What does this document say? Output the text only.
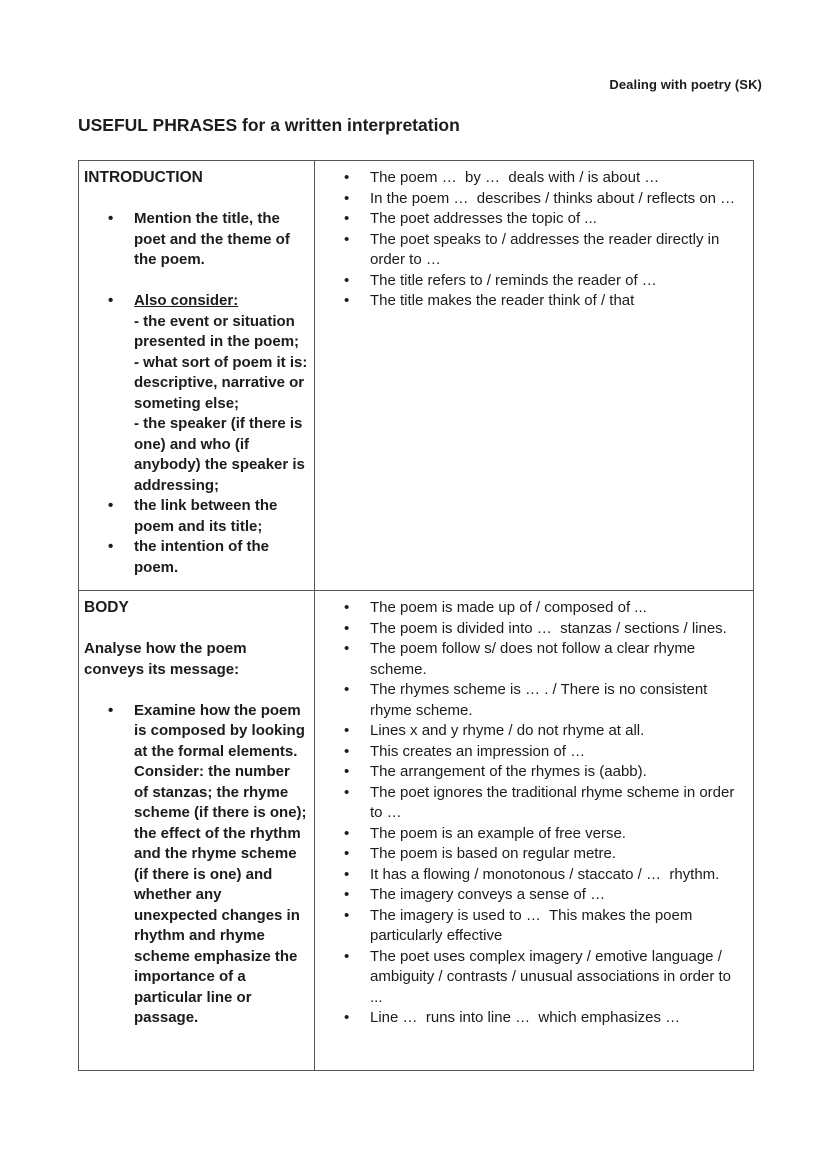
Dealing with poetry (SK)
USEFUL PHRASES for a written interpretation
INTRODUCTION
• Mention the title, the poet and the theme of the poem.
• Also consider:
- the event or situation presented in the poem;
- what sort of poem it is: descriptive, narrative or someting else;
- the speaker (if there is one) and who (if anybody) the speaker is addressing;
• the link between the poem and its title;
• the intention of the poem.
• The poem …  by …  deals with / is about …
• In the poem …  describes / thinks about / reflects on …
• The poet addresses the topic of ...
• The poet speaks to / addresses the reader directly in order to …
• The title refers to / reminds the reader of …
• The title makes the reader think of / that
BODY

Analyse how the poem conveys its message:

• Examine how the poem is composed by looking at the formal elements. Consider: the number of stanzas; the rhyme scheme (if there is one); the effect of the rhythm and the rhyme scheme (if there is one) and whether any unexpected changes in rhythm and rhyme scheme emphasize the importance of a particular line or passage.
• The poem is made up of / composed of ...
• The poem is divided into …  stanzas / sections / lines.
• The poem follow s/ does not follow a clear rhyme scheme.
• The rhymes scheme is … . / There is no consistent rhyme scheme.
• Lines x and y rhyme / do not rhyme at all.
• This creates an impression of …
• The arrangement of the rhymes is (aabb).
• The poet ignores the traditional rhyme scheme in order to …
• The poem is an example of free verse.
• The poem is based on regular metre.
• It has a flowing / monotonous / staccato / …  rhythm.
• The imagery conveys a sense of …
• The imagery is used to …  This makes the poem particularly effective
• The poet uses complex imagery / emotive language / ambiguity / contrasts / unusual associations in order to ...
• Line …  runs into line …  which emphasizes …
